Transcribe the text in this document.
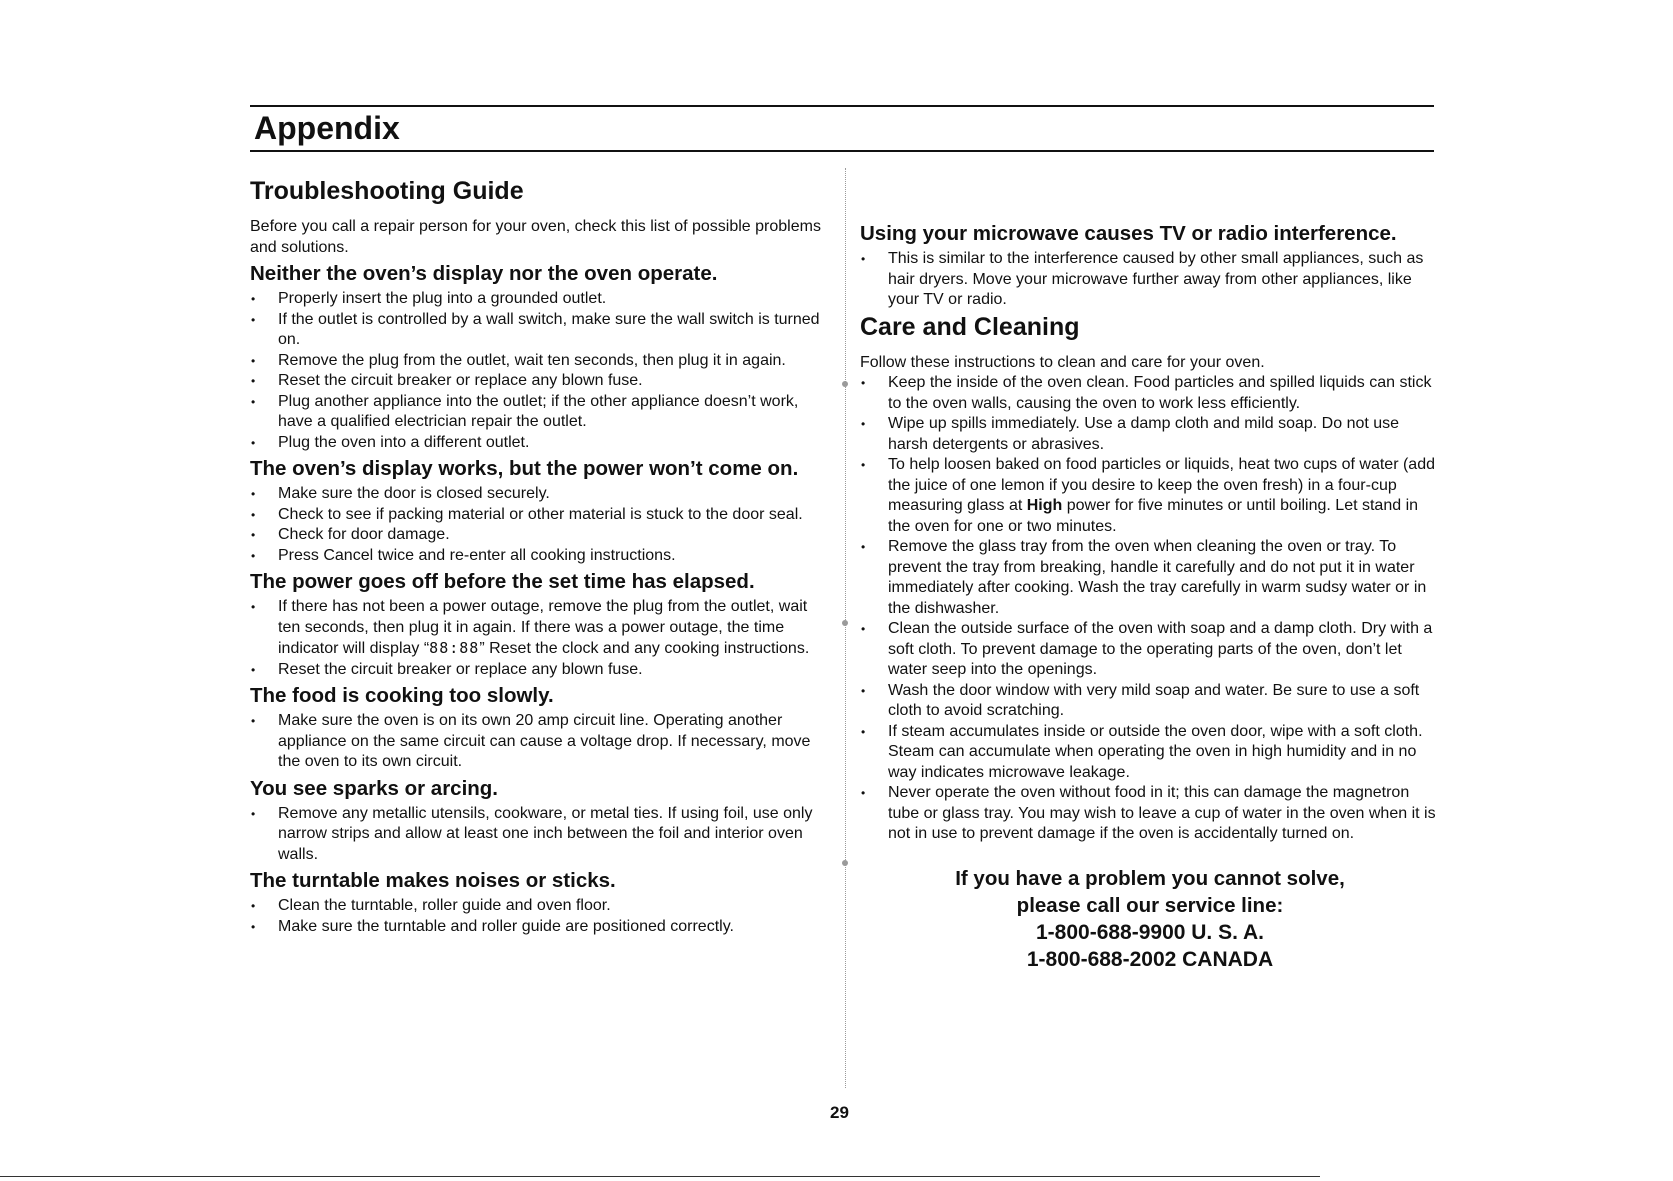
Appendix
Troubleshooting Guide

Before you call a repair person for your oven, check this list of possible problems and solutions.

Neither the oven’s display nor the oven operate.
• Properly insert the plug into a grounded outlet.
• If the outlet is controlled by a wall switch, make sure the wall switch is turned on.
• Remove the plug from the outlet, wait ten seconds, then plug it in again.
• Reset the circuit breaker or replace any blown fuse.
• Plug another appliance into the outlet; if the other appliance doesn’t work, have a qualified electrician repair the outlet.
• Plug the oven into a different outlet.
The oven’s display works, but the power won’t come on.
• Make sure the door is closed securely.
• Check to see if packing material or other material is stuck to the door seal.
• Check for door damage.
• Press Cancel twice and re-enter all cooking instructions.
The power goes off before the set time has elapsed.
• If there has not been a power outage, remove the plug from the outlet, wait ten seconds, then plug it in again. If there was a power outage, the time indicator will display “88:88” Reset the clock and any cooking instructions.
• Reset the circuit breaker or replace any blown fuse.
The food is cooking too slowly.
• Make sure the oven is on its own 20 amp circuit line. Operating another appliance on the same circuit can cause a voltage drop. If necessary, move the oven to its own circuit.
You see sparks or arcing.
• Remove any metallic utensils, cookware, or metal ties. If using foil, use only narrow strips and allow at least one inch between the foil and interior oven walls.
The turntable makes noises or sticks.
• Clean the turntable, roller guide and oven floor.
• Make sure the turntable and roller guide are positioned correctly.
Using your microwave causes TV or radio interference.
• This is similar to the interference caused by other small appliances, such as hair dryers. Move your microwave further away from other appliances, like your TV or radio.
Care and Cleaning

Follow these instructions to clean and care for your oven.

• Keep the inside of the oven clean. Food particles and spilled liquids can stick to the oven walls, causing the oven to work less efficiently.
• Wipe up spills immediately. Use a damp cloth and mild soap. Do not use harsh detergents or abrasives.
• To help loosen baked on food particles or liquids, heat two cups of water (add the juice of one lemon if you desire to keep the oven fresh) in a four-cup measuring glass at High power for five minutes or until boiling. Let stand in the oven for one or two minutes.
• Remove the glass tray from the oven when cleaning the oven or tray. To prevent the tray from breaking, handle it carefully and do not put it in water immediately after cooking. Wash the tray carefully in warm sudsy water or in the dishwasher.
• Clean the outside surface of the oven with soap and a damp cloth. Dry with a soft cloth. To prevent damage to the operating parts of the oven, don’t let water seep into the openings.
• Wash the door window with very mild soap and water. Be sure to use a soft cloth to avoid scratching.
• If steam accumulates inside or outside the oven door, wipe with a soft cloth. Steam can accumulate when operating the oven in high humidity and in no way indicates microwave leakage.
• Never operate the oven without food in it; this can damage the magnetron tube or glass tray. You may wish to leave a cup of water in the oven when it is not in use to prevent damage if the oven is accidentally turned on.
If you have a problem you cannot solve,
please call our service line:
1-800-688-9900 U. S. A.
1-800-688-2002 CANADA
29
